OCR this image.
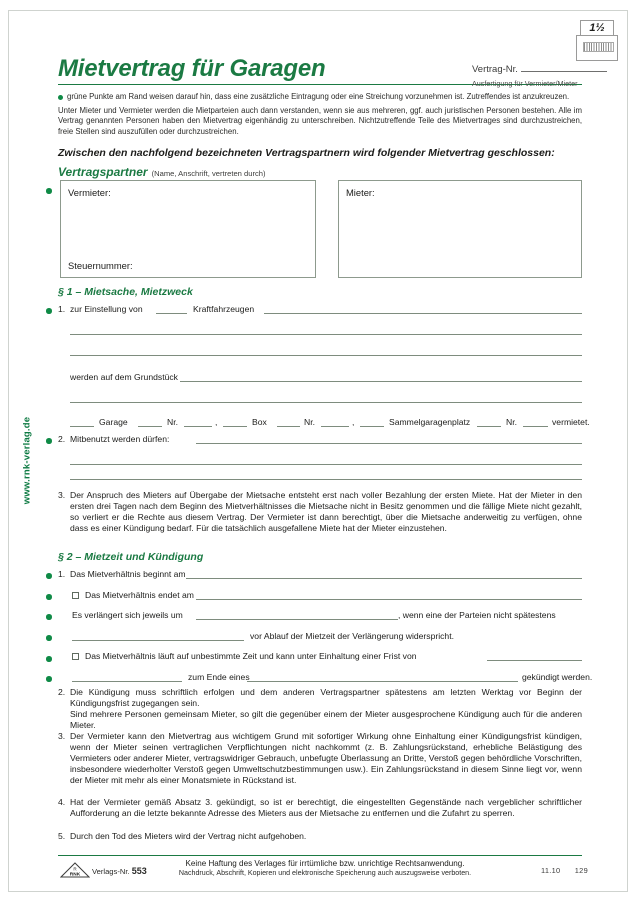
www.rnk-verlag.de
Mietvertrag für Garagen
1½
Vertrag-Nr.
Ausfertigung für Vermieter/Mieter
grüne Punkte am Rand weisen darauf hin, dass eine zusätzliche Eintragung oder eine Streichung vorzunehmen ist. Zutreffendes ist anzukreuzen.
Unter Mieter und Vermieter werden die Mietparteien auch dann verstanden, wenn sie aus mehreren, ggf. auch juristischen Personen bestehen. Alle im Vertrag genannten Personen haben den Mietvertrag eigenhändig zu unterschreiben. Nichtzutreffende Teile des Mietvertrages sind durchzustreichen, freie Stellen sind auszufüllen oder durchzustreichen.
Zwischen den nachfolgend bezeichneten Vertragspartnern wird folgender Mietvertrag geschlossen:
Vertragspartner (Name, Anschrift, vertreten durch)
Vermieter:
Steuernummer:
Mieter:
§ 1 – Mietsache, Mietzweck
1. zur Einstellung von	Kraftfahrzeugen
werden auf dem Grundstück
Garage	Nr.	,	Box	Nr.	,	Sammelgaragenplatz	Nr.	vermietet.
2. Mitbenutzt werden dürfen:
3. Der Anspruch des Mieters auf Übergabe der Mietsache entsteht erst nach voller Bezahlung der ersten Miete. Hat der Mieter in den ersten drei Tagen nach dem Beginn des Mietverhältnisses die Mietsache nicht in Besitz genommen und die fällige Miete nicht gezahlt, so verliert er die Rechte aus diesem Vertrag. Der Vermieter ist dann berechtigt, über die Mietsache anderweitig zu verfügen, ohne dass es einer Kündigung bedarf. Für die tatsächlich ausgefallene Miete hat der Mieter einzustehen.
§ 2 – Mietzeit und Kündigung
1. Das Mietverhältnis beginnt am
Das Mietverhältnis endet am
Es verlängert sich jeweils um	, wenn eine der Parteien nicht spätestens
vor Ablauf der Mietzeit der Verlängerung widerspricht.
Das Mietverhältnis läuft auf unbestimmte Zeit und kann unter Einhaltung einer Frist von
zum Ende eines	gekündigt werden.
2. Die Kündigung muss schriftlich erfolgen und dem anderen Vertragspartner spätestens am letzten Werktag vor Beginn der Kündigungsfrist zugegangen sein.
Sind mehrere Personen gemeinsam Mieter, so gilt die gegenüber einem der Mieter ausgesprochene Kündigung auch für die anderen Mieter.
3. Der Vermieter kann den Mietvertrag aus wichtigem Grund mit sofortiger Wirkung ohne Einhaltung einer Kündigungsfrist kündigen, wenn der Mieter seinen vertraglichen Verpflichtungen nicht nachkommt (z. B. Zahlungsrückstand, erhebliche Belästigung des Vermieters oder anderer Mieter, vertragswidriger Gebrauch, unbefugte Überlassung an Dritte, Verstoß gegen behördliche Vorschriften, insbesondere wiederholter Verstoß gegen Umweltschutzbestimmungen usw.). Ein Zahlungsrückstand in diesem Sinne liegt vor, wenn der Mieter mit mehr als einer Monatsmiete in Rückstand ist.
4. Hat der Vermieter gemäß Absatz 3. gekündigt, so ist er berechtigt, die eingestellten Gegenstände nach vergeblicher schriftlicher Aufforderung an die letzte bekannte Adresse des Mieters aus der Mietsache zu entfernen und die Zufahrt zu sperren.
5. Durch den Tod des Mieters wird der Vertrag nicht aufgehoben.
R
RNK Verlags-Nr. 553
Keine Haftung des Verlages für irrtümliche bzw. unrichtige Rechtsanwendung.
Nachdruck, Abschrift, Kopieren und elektronische Speicherung auch auszugsweise verboten.	11.10 129
